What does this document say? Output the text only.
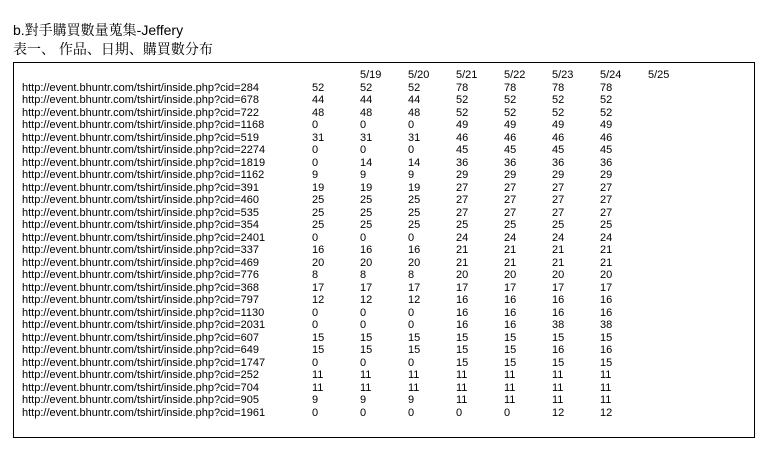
b.對手購買數量蒐集-Jeffery
表一、 作品、日期、購買數分布
		5/19	5/20	5/21	5/22	5/23	5/24	5/25
http://event.bhuntr.com/tshirt/inside.php?cid=284	52	52	52	78	78	78	78	
http://event.bhuntr.com/tshirt/inside.php?cid=678	44	44	44	52	52	52	52	
http://event.bhuntr.com/tshirt/inside.php?cid=722	48	48	48	52	52	52	52	
http://event.bhuntr.com/tshirt/inside.php?cid=1168	0	0	0	49	49	49	49	
http://event.bhuntr.com/tshirt/inside.php?cid=519	31	31	31	46	46	46	46	
http://event.bhuntr.com/tshirt/inside.php?cid=2274	0	0	0	45	45	45	45	
http://event.bhuntr.com/tshirt/inside.php?cid=1819	0	14	14	36	36	36	36	
http://event.bhuntr.com/tshirt/inside.php?cid=1162	9	9	9	29	29	29	29	
http://event.bhuntr.com/tshirt/inside.php?cid=391	19	19	19	27	27	27	27	
http://event.bhuntr.com/tshirt/inside.php?cid=460	25	25	25	27	27	27	27	
http://event.bhuntr.com/tshirt/inside.php?cid=535	25	25	25	27	27	27	27	
http://event.bhuntr.com/tshirt/inside.php?cid=354	25	25	25	25	25	25	25	
http://event.bhuntr.com/tshirt/inside.php?cid=2401	0	0	0	24	24	24	24	
http://event.bhuntr.com/tshirt/inside.php?cid=337	16	16	16	21	21	21	21	
http://event.bhuntr.com/tshirt/inside.php?cid=469	20	20	20	21	21	21	21	
http://event.bhuntr.com/tshirt/inside.php?cid=776	8	8	8	20	20	20	20	
http://event.bhuntr.com/tshirt/inside.php?cid=368	17	17	17	17	17	17	17	
http://event.bhuntr.com/tshirt/inside.php?cid=797	12	12	12	16	16	16	16	
http://event.bhuntr.com/tshirt/inside.php?cid=1130	0	0	0	16	16	16	16	
http://event.bhuntr.com/tshirt/inside.php?cid=2031	0	0	0	16	16	38	38	
http://event.bhuntr.com/tshirt/inside.php?cid=607	15	15	15	15	15	15	15	
http://event.bhuntr.com/tshirt/inside.php?cid=649	15	15	15	15	15	16	16	
http://event.bhuntr.com/tshirt/inside.php?cid=1747	0	0	0	15	15	15	15	
http://event.bhuntr.com/tshirt/inside.php?cid=252	11	11	11	11	11	11	11	
http://event.bhuntr.com/tshirt/inside.php?cid=704	11	11	11	11	11	11	11	
http://event.bhuntr.com/tshirt/inside.php?cid=905	9	9	9	11	11	11	11	
http://event.bhuntr.com/tshirt/inside.php?cid=1961	0	0	0	0	0	12	12	
